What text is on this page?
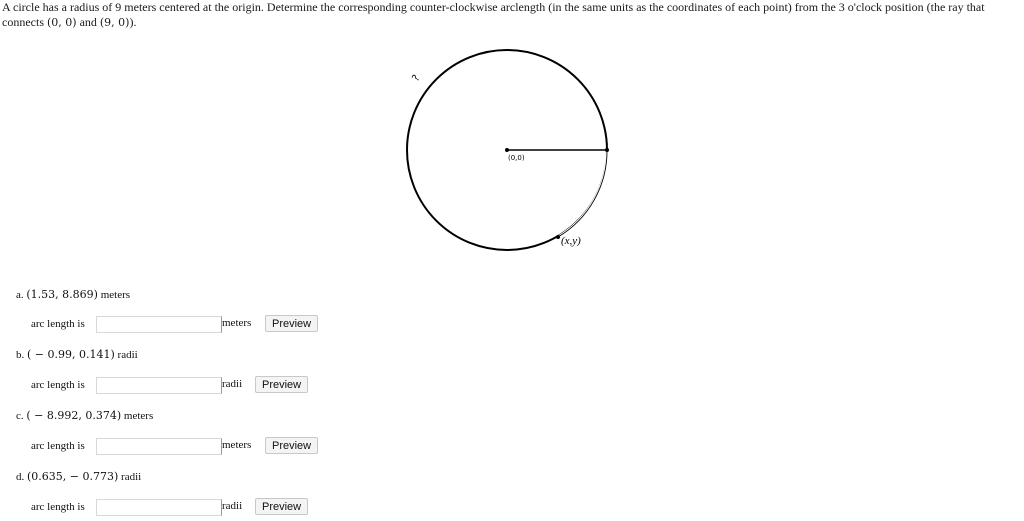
A circle has a radius of 9 meters centered at the origin. Determine the corresponding counter-clockwise arclength (in the same units as the coordinates of each point) from the 3 o'clock position (the ray that
connects (0, 0) and (9, 0)).
?
(0,0)
(x,y)
a. (1.53, 8.869) meters
arc length is	meters	Preview
b. ( − 0.99, 0.141) radii
arc length is	radii	Preview
c. ( − 8.992, 0.374) meters
arc length is	meters	Preview
d. (0.635, − 0.773) radii
arc length is	radii	Preview
